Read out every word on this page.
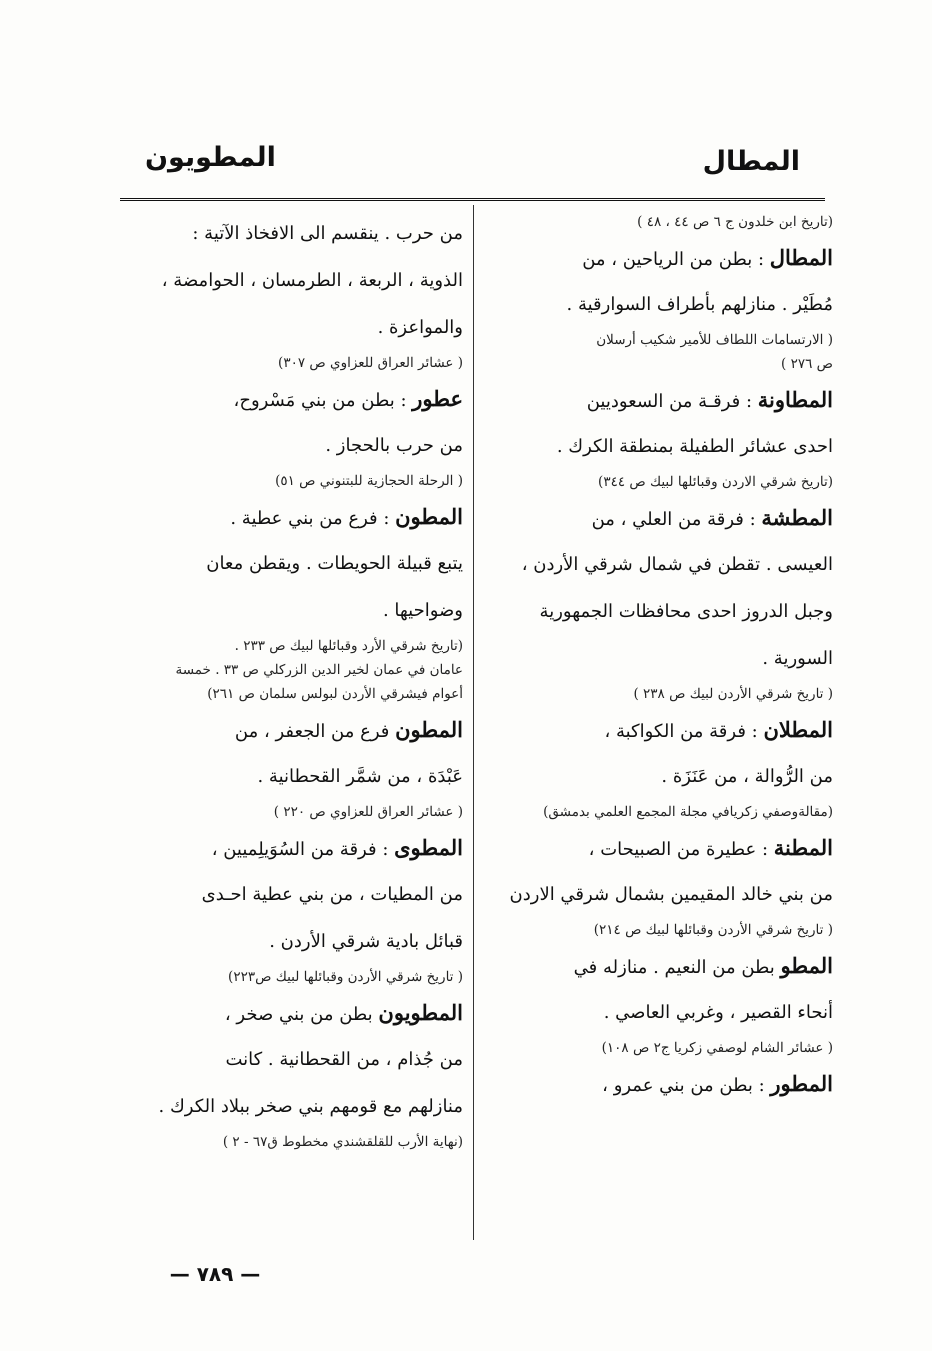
المطال
المطويون
(تاريخ ابن خلدون ج ٦ ص ٤٤ ، ٤٨ )
المطال : بطن من الرياحين ، من
مُطَيْر . منازلهم بأطراف السوارقية .
( الارتسامات اللطاف للأمير شكيب أرسلان
ص ٢٧٦ )
المطاونة : فرقـة من السعوديين
احدى عشائر الطفيلة بمنطقة الكرك .
(تاريخ شرقي الاردن وقبائلها لبيك ص ٣٤٤)
المطشة : فرقة من العلي ، من
العيسى . تقطن في شمال شرقي الأردن ،
وجبل الدروز احدى محافظات الجمهورية
السورية .
( تاريخ شرقي الأردن لبيك ص ٢٣٨ )
المطلان : فرقة من الكواكبة ،
من الرُّوالة ، من عَنَزَة .
(مقالةوصفي زكريافي مجلة المجمع العلمي بدمشق)
المطنة : عطيرة من الصبيحات ،
من بني خالد المقيمين بشمال شرقي الاردن
( تاريخ شرقي الأردن وقبائلها لبيك ص ٢١٤)
المطو بطن من النعيم . منازله في
أنحاء القصير ، وغربي العاصي .
( عشائر الشام لوصفي زكريا ج٢ ص ١٠٨)
المطور : بطن من بني عمرو ،
من حرب . ينقسم الى الافخاذ الآتية :
الذوية ، الربعة ، الطرمسان ، الحوامضة ،
والمواعزة .
( عشائر العراق للعزاوي ص ٣٠٧)
عطور : بطن من بني مَسْروح،
من حرب بالحجاز .
( الرحلة الحجازية للبتنوني ص ٥١)
المطون : فرع من بني عطية .
يتبع قبيلة الحويطات . ويقطن معان
وضواحيها .
(تاريخ شرقي الأرد وقبائلها لبيك ص ٢٣٣ .
عامان في عمان لخير الدين الزركلي ص ٣٣ . خمسة
أعوام فيشرقي الأردن لبولس سلمان ص ٢٦١)
المطون فرع من الجعفر ، من
عَبْدَة ، من شمَّر القحطانية .
( عشائر العراق للعزاوي ص ٢٢٠ )
المطوى : فرقة من السُوَيلِميين ،
من المطيات ، من بني عطية احـدى
قبائل بادية شرقي الأردن .
( تاريخ شرقي الأردن وقبائلها لبيك ص٢٢٣)
المطويون بطن من بني صخر ،
من جُذام ، من القحطانية . كانت
منازلهم مع قومهم بني صخر ببلاد الكرك .
(نهاية الأرب للقلقشندي مخطوط ق٦٧ - ٢ )
— ٧٨٩ —
